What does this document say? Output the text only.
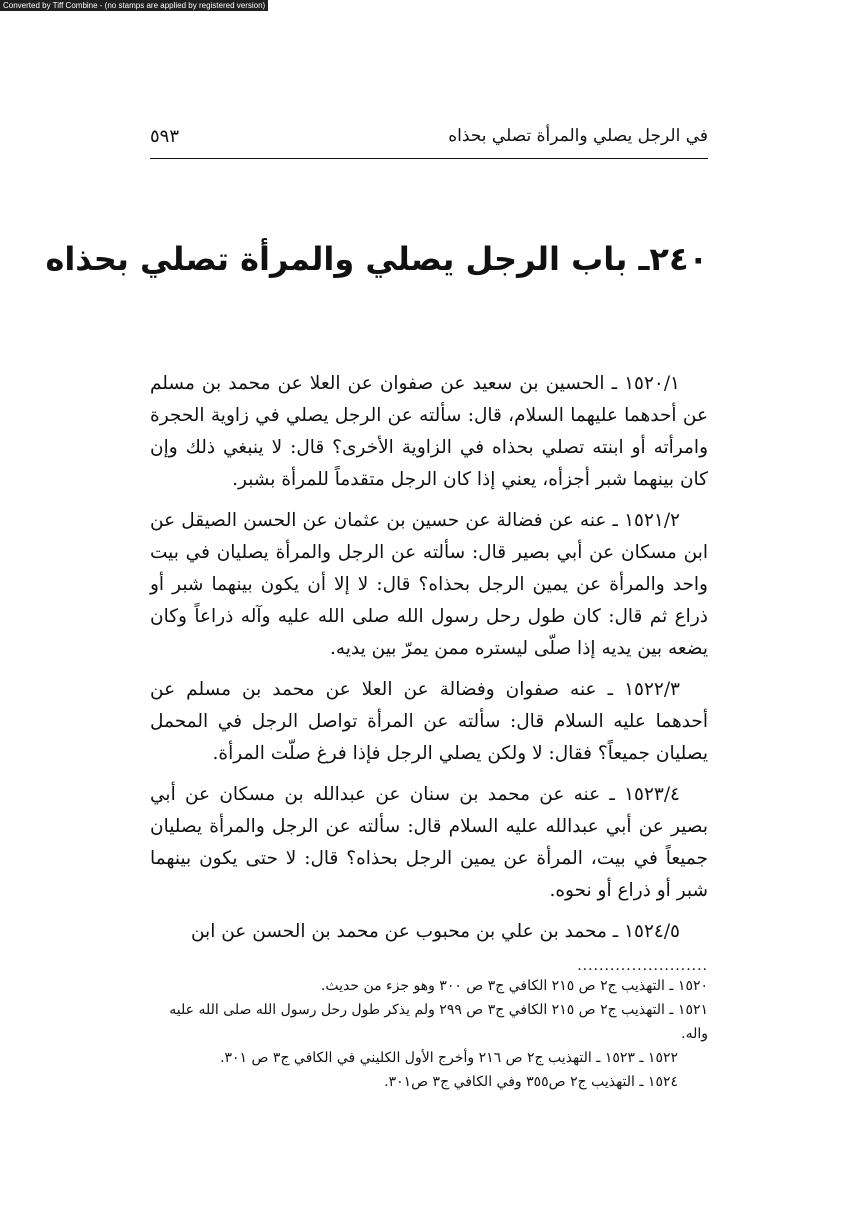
Converted by Tiff Combine - (no stamps are applied by registered version)
في الرجل يصلي والمرأة تصلي بحذاه
٥٩٣
٢٤٠ـ باب الرجل يصلي والمرأة تصلي بحذاه

١٥٢٠/١ ـ الحسين بن سعيد عن صفوان عن العلا عن محمد بن مسلم عن أحدهما عليهما السلام، قال: سألته عن الرجل يصلي في زاوية الحجرة وامرأته أو ابنته تصلي بحذاه في الزاوية الأخرى؟ قال: لا ينبغي ذلك وإن كان بينهما شبر أجزأه، يعني إذا كان الرجل متقدماً للمرأة بشبر.

١٥٢١/٢ ـ عنه عن فضالة عن حسين بن عثمان عن الحسن الصيقل عن ابن مسكان عن أبي بصير قال: سألته عن الرجل والمرأة يصليان في بيت واحد والمرأة عن يمين الرجل بحذاه؟ قال: لا إلا أن يكون بينهما شبر أو ذراع ثم قال: كان طول رحل رسول الله صلى الله عليه وآله ذراعاً وكان يضعه بين يديه إذا صلّى ليستره ممن يمرّ بين يديه.

١٥٢٢/٣ ـ عنه صفوان وفضالة عن العلا عن محمد بن مسلم عن أحدهما عليه السلام قال: سألته عن المرأة تواصل الرجل في المحمل يصليان جميعاً؟ فقال: لا ولكن يصلي الرجل فإذا فرغ صلّت المرأة.

١٥٢٣/٤ ـ عنه عن محمد بن سنان عن عبدالله بن مسكان عن أبي بصير عن أبي عبدالله عليه السلام قال: سألته عن الرجل والمرأة يصليان جميعاً في بيت، المرأة عن يمين الرجل بحذاه؟ قال: لا حتى يكون بينهما شبر أو ذراع أو نحوه.

١٥٢٤/٥ ـ محمد بن علي بن محبوب عن محمد بن الحسن عن ابن

........................

١٥٢٠ ـ التهذيب ج٢ ص ٢١٥ الكافي ج٣ ص ٣٠٠ وهو جزء من حديث.

١٥٢١ ـ التهذيب ج٢ ص ٢١٥ الكافي ج٣ ص ٢٩٩ ولم يذكر طول رحل رسول الله صلى الله عليه واله.

١٥٢٢ ـ ١٥٢٣ ـ التهذيب ج٢ ص ٢١٦ وأخرج الأول الكليني في الكافي ج٣ ص ٣٠١.

١٥٢٤ ـ التهذيب ج٢ ص٣٥٥ وفي الكافي ج٣ ص٣٠١.
